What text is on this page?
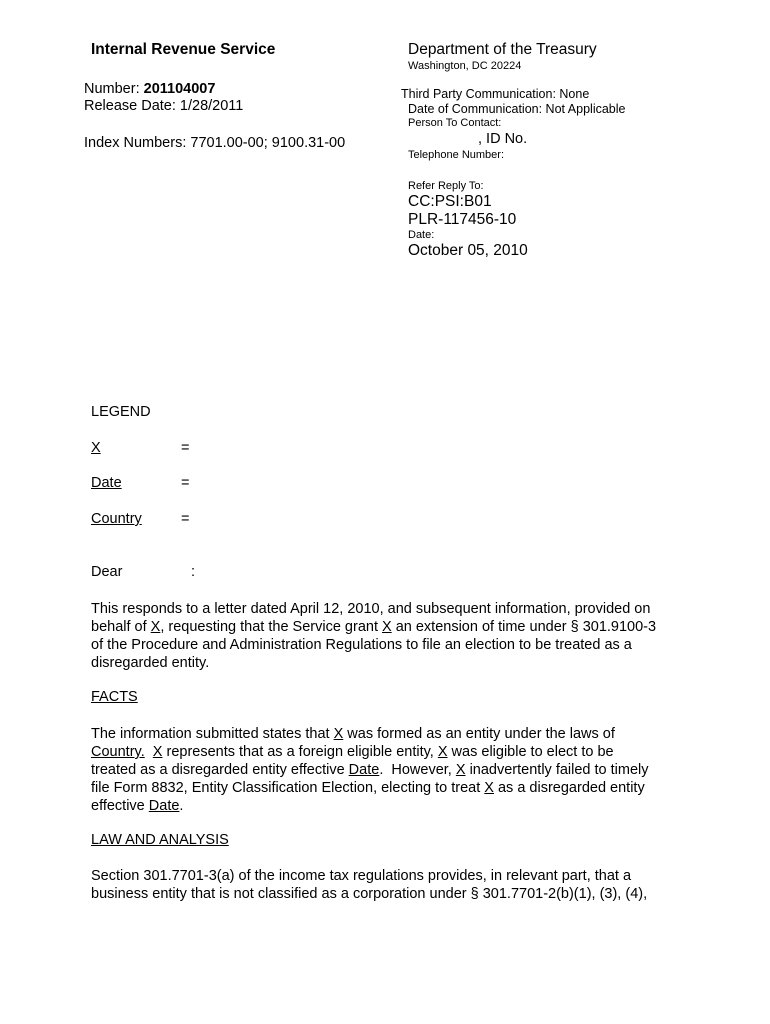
Internal Revenue Service
Number: 201104007
Release Date: 1/28/2011
Index Numbers: 7701.00-00; 9100.31-00
Department of the Treasury
Washington, DC 20224
Third Party Communication: None
Date of Communication: Not Applicable
Person To Contact:
, ID No.
Telephone Number:
Refer Reply To:
CC:PSI:B01
PLR-117456-10
Date:
October 05, 2010
LEGEND
X	=
Date	=
Country	=
Dear	:
This responds to a letter dated April 12, 2010, and subsequent information, provided on
behalf of X, requesting that the Service grant X an extension of time under § 301.9100-3
of the Procedure and Administration Regulations to file an election to be treated as a
disregarded entity.
FACTS
The information submitted states that X was formed as an entity under the laws of
Country. X represents that as a foreign eligible entity, X was eligible to elect to be
treated as a disregarded entity effective Date.  However, X inadvertently failed to timely
file Form 8832, Entity Classification Election, electing to treat X as a disregarded entity
effective Date.
LAW AND ANALYSIS
Section 301.7701-3(a) of the income tax regulations provides, in relevant part, that a
business entity that is not classified as a corporation under § 301.7701-2(b)(1), (3), (4),
